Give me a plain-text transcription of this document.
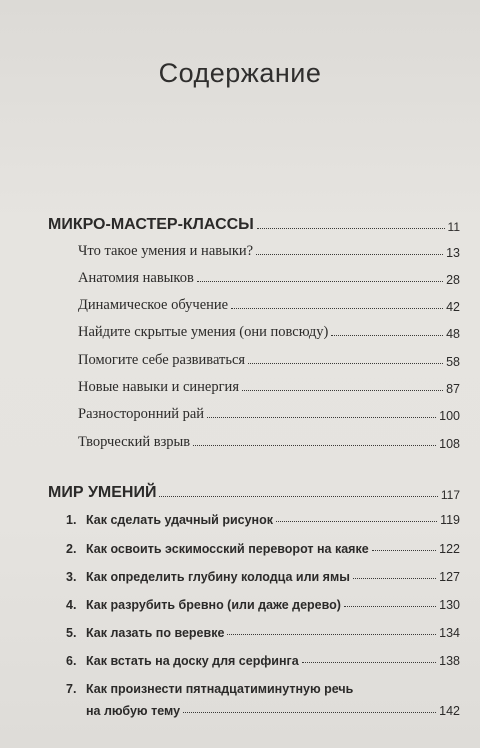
Содержание
МИКРО-МАСТЕР-КЛАССЫ	11
Что такое умения и навыки?	13
Анатомия навыков	28
Динамическое обучение	42
Найдите скрытые умения (они повсюду)	48
Помогите себе развиваться	58
Новые навыки и синергия	87
Разносторонний рай	100
Творческий взрыв	108
МИР УМЕНИЙ	117
1. Как сделать удачный рисунок	119
2. Как освоить эскимосский переворот на каяке	122
3. Как определить глубину колодца или ямы	127
4. Как разрубить бревно (или даже дерево)	130
5. Как лазать по веревке	134
6. Как встать на доску для серфинга	138
7. Как произнести пятнадцатиминутную речь
на любую тему	142
